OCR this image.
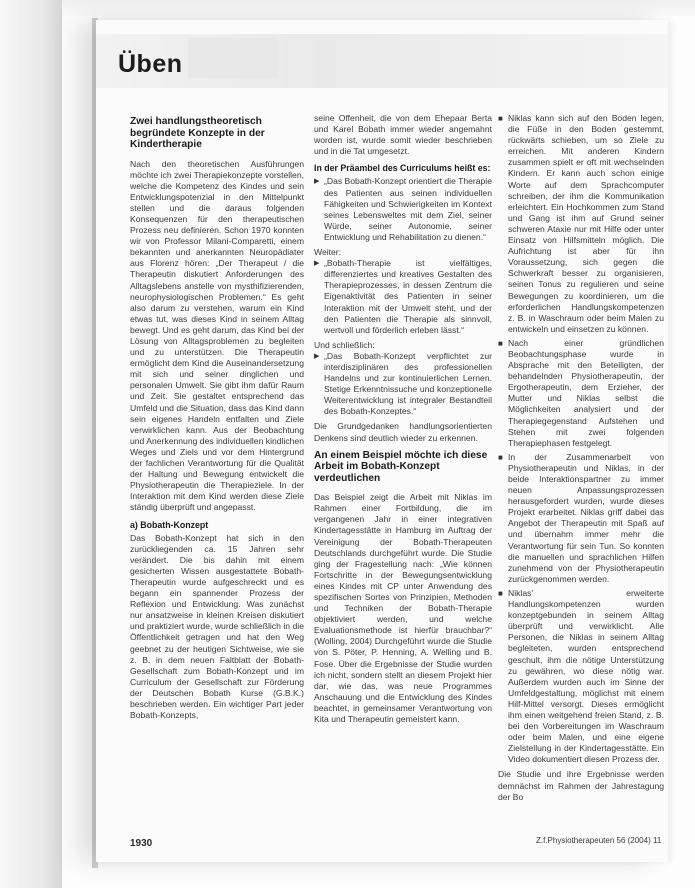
Üben
Zwei handlungstheoretisch begründete Konzepte in der Kindertherapie

Nach den theoretischen Ausführungen möchte ich zwei Therapiekonzepte vorstellen, welche die Kompetenz des Kindes und sein Entwicklungspotenzial in den Mittelpunkt stellen und die daraus folgenden Konsequenzen für den therapeutischen Prozess neu definieren. Schon 1970 konnten wir von Professor Milani-Comparetti, einem bekannten und anerkannten Neuropädiater aus Florenz hören: „Der Therapeut / die Therapeutin diskutiert Anforderungen des Alltagslebens anstelle von mysthifizierenden, neurophysiologischen Problemen.“ Es geht also darum zu verstehen, warum ein Kind etwas tut, was dieses Kind in seinem Alltag bewegt. Und es geht darum, das Kind bei der Lösung von Alltagsproblemen zu begleiten und zu unterstützen. Die Therapeutin ermöglicht dem Kind die Auseinandersetzung mit sich und seiner dinglichen und personalen Umwelt. Sie gibt ihm dafür Raum und Zeit. Sie gestaltet entsprechend das Umfeld und die Situation, dass das Kind dann sein eigenes Handeln entfalten und Ziele verwirklichen kann. Aus der Beobachtung und Anerkennung des individuellen kindlichen Weges und Ziels und vor dem Hintergrund der fachlichen Verantwortung für die Qualität der Haltung und Bewegung entwickelt die Physiotherapeutin die Therapieziele. In der Interaktion mit dem Kind werden diese Ziele ständig überprüft und angepasst.

a) Bobath-Konzept

Das Bobath-Konzept hat sich in den zurückliegenden ca. 15 Jahren sehr verändert. Die bis dahin mit einem gesicherten Wissen ausgestattete Bobath-Therapeutin wurde aufgeschreckt und es begann ein spannender Prozess der Reflexion und Entwicklung. Was zunächst nur ansatzweise in kleinen Kreisen diskutiert und praktiziert wurde, wurde schließlich in die Öffentlichkeit getragen und hat den Weg geebnet zu der heutigen Sichtweise, wie sie z. B. in dem neuen Faltblatt der Bobath-Gesellschaft zum Bobath-Konzept und im Curriculum der Gesellschaft zur Förderung der Deutschen Bobath Kurse (G.B.K.) beschrieben werden. Ein wichtiger Part jeder Bobath-Konzepts,

seine Offenheit, die von dem Ehepaar Berta und Karel Bobath immer wieder angemahnt worden ist, wurde somit wieder beschrieben und in die Tat umgesetzt.

In der Präambel des Curriculums heißt es:
▶ „Das Bobath-Konzept orientiert die Therapie des Patienten aus seinen individuellen Fähigkeiten und Schwierigkeiten im Kontext seines Lebensweltes mit dem Ziel, seiner Würde, seiner Autonomie, seiner Entwicklung und Rehabilitation zu dienen.“
Weiter:
▶ „Bobath-Therapie ist vielfältiges, differenziertes und kreatives Gestalten des Therapieprozesses, in dessen Zentrum die Eigenaktivität des Patienten in seiner Interaktion mit der Umwelt steht, und der den Patienten die Therapie als sinnvoll, wertvoll und förderlich erleben lässt.“
Und schließlich:
▶ „Das Bobath-Konzept verpflichtet zur interdisziplinären des professionellen Handelns und zur kontinuierlichen Lernen. Stetige Erkenntnissuche und konzeptionelle Weiterentwicklung ist integraler Bestandteil des Bobath-Konzeptes.“

Die Grundgedanken handlungsorientierten Denkens sind deutlich wieder zu erkennen.

An einem Beispiel möchte ich diese Arbeit im Bobath-Konzept verdeutlichen

Das Beispiel zeigt die Arbeit mit Niklas im Rahmen einer Fortbildung, die im vergangenen Jahr in einer integrativen Kindertagesstätte in Hamburg im Auftrag der Vereinigung der Bobath-Therapeuten Deutschlands durchgeführt wurde. Die Studie ging der Fragestellung nach: „Wie können Fortschritte in der Bewegungsentwicklung eines Kindes mit CP unter Anwendung des spezifischen Sortes von Prinzipien, Methoden und Techniken der Bobath-Therapie objektiviert werden, und welche Evaluationsmethode ist hierfür brauchbar?“ (Wolling, 2004) Durchgeführt wurde die Studie von S. Pöter, P. Henning, A. Welling und B. Fose. Über die Ergebnisse der Studie wurden ich nicht, sondern stellt an diesem Projekt hier dar, wie das, was neue Programmes Anschauung und die Entwicklung des Kindes beachtet, in gemeinsamer Verantwortung von Kita und Therapeutin gemeistert kann.

■ Niklas kann sich auf den Boden legen, die Füße in den Boden gestemmt, rückwärts schieben, um so Ziele zu erreichen. Mit anderen Kindern zusammen spielt er oft mit wechselnden Kindern. Er kann auch schon einige Worte auf dem Sprachcomputer schreiben, der ihm die Kommunikation erleichtert. Ein Hochkommen zum Stand und Gang ist ihm auf Grund seiner schweren Ataxie nur mit Hilfe oder unter Einsatz von Hilfsmitteln möglich. Die Aufrichtung ist aber für ihn Voraussetzung, sich gegen die Schwerkraft besser zu organisieren, seinen Tonus zu regulieren und seine Bewegungen zu koordinieren, um die erforderlichen Handlungskompetenzen z. B. in Waschraum oder beim Malen zu entwickeln und einsetzen zu können.
■ Nach einer gründlichen Beobachtungsphase wurde in Absprache mit den Beteiligten, der behandelnden Physiotherapeutin, der Ergotherapeutin, dem Erzieher, der Mutter und Niklas selbst die Möglichkeiten analysiert und der Therapiegegenstand Aufstehen und Stehen mit zwei folgenden Therapiephasen festgelegt.
■ In der Zusammenarbeit von Physiotherapeutin und Niklas, in der beide Interaktionspartner zu immer neuen Anpassungsprozessen herausgefordert wurden, wurde dieses Projekt erarbeitet. Niklas griff dabei das Angebot der Therapeutin mit Spaß auf und übernahm immer mehr die Verantwortung für sein Tun. So konnten die manuellen und sprachlichen Hilfen zunehmend von der Physiotherapeutin zurückgenommen werden.
■ Niklas' erweiterte Handlungskompetenzen wurden konzeptgebunden in seinem Alltag überprüft und verwirklicht. Alle Personen, die Niklas in seinem Alltag begleiteten, wurden entsprechend geschult, ihm die nötige Unterstützung zu gewähren, wo diese nötig war. Außerdem wurden auch im Sinne der Umfeldgestaltung, möglichst mit einem Hilf-Mittel versorgt. Dieses ermöglicht ihm einen weitgehend freien Stand, z. B. bei den Vorbereitungen im Waschraum oder beim Malen, und eine eigene Zielstellung in der Kindertagesstätte. Ein Video dokumentiert diesen Prozess der.

Die Studie und ihre Ergebnisse werden demnächst im Rahmen der Jahrestagung der Bo

1930	Z.f.Physiotherapeuten 56 (2004) 11
